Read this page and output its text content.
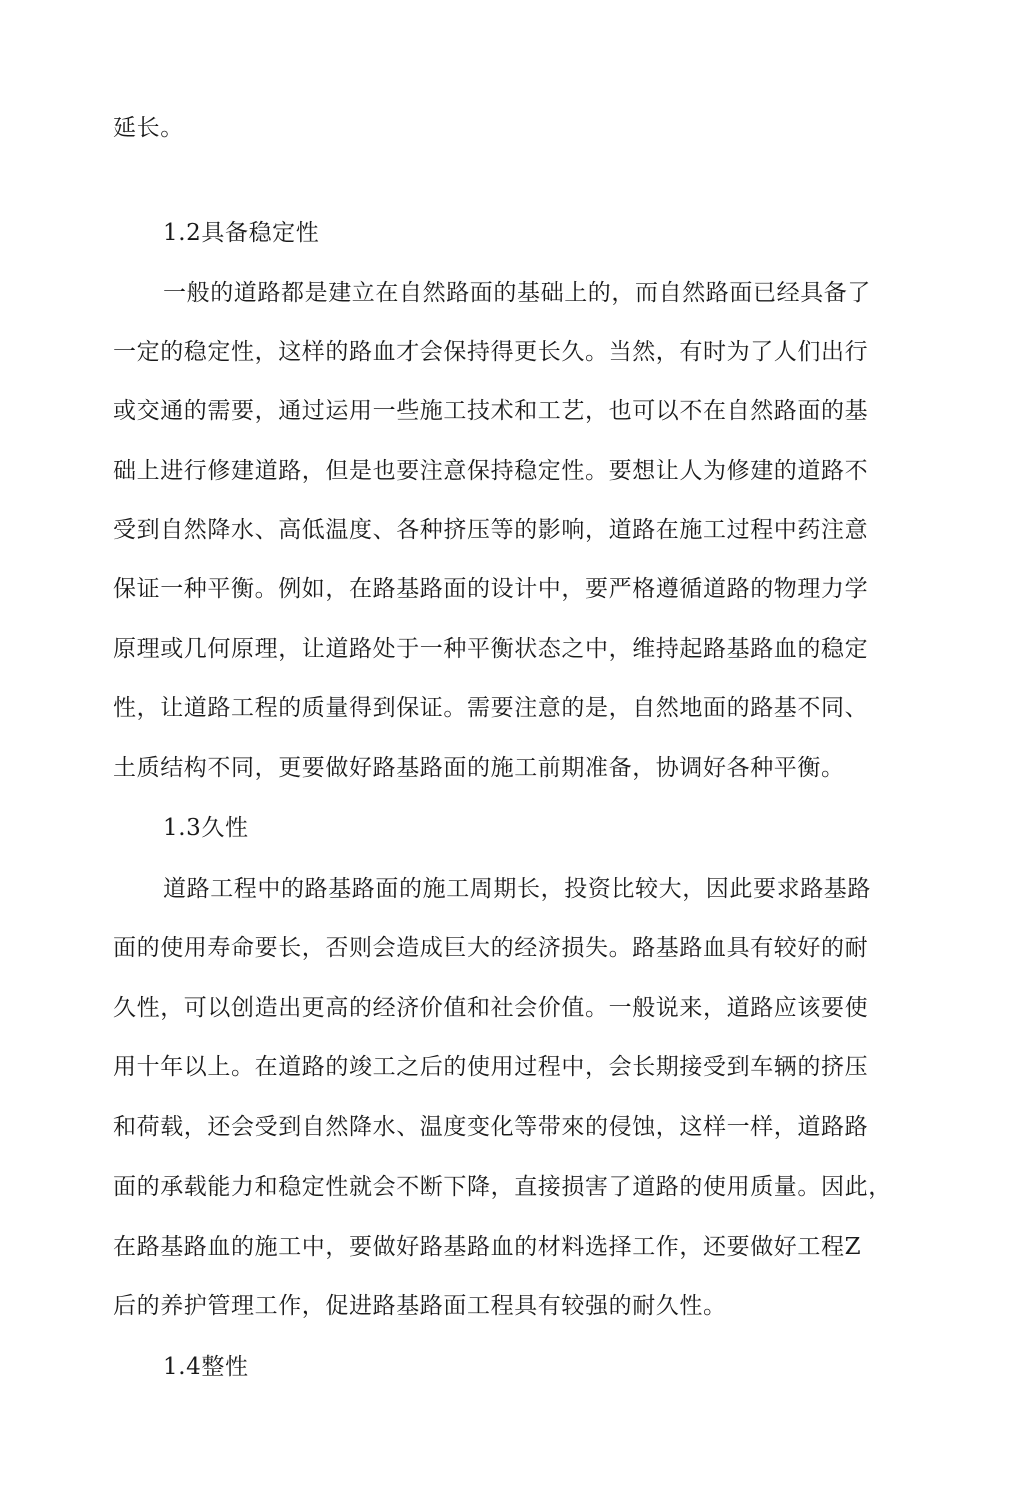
延长。
1.2具备稳定性
一般的道路都是建立在自然路面的基础上的，而自然路面已经具备了
一定的稳定性，这样的路血才会保持得更长久。当然，有时为了人们出行
或交通的需要，通过运用一些施工技术和工艺，也可以不在自然路面的基
础上进行修建道路，但是也要注意保持稳定性。要想让人为修建的道路不
受到自然降水、高低温度、各种挤压等的影响，道路在施工过程中药注意
保证一种平衡。例如，在路基路面的设计中，要严格遵循道路的物理力学
原理或几何原理，让道路处于一种平衡状态之中，维持起路基路血的稳定
性，让道路工程的质量得到保证。需要注意的是，自然地面的路基不同、
土质结构不同，更要做好路基路面的施工前期准备，协调好各种平衡。
1.3久性
道路工程中的路基路面的施工周期长，投资比较大，因此要求路基路
面的使用寿命要长，否则会造成巨大的经济损失。路基路血具有较好的耐
久性，可以创造出更高的经济价值和社会价值。一般说来，道路应该要使
用十年以上。在道路的竣工之后的使用过程中，会长期接受到车辆的挤压
和荷载，还会受到自然降水、温度变化等带來的侵蚀，这样一样，道路路
面的承载能力和稳定性就会不断下降，直接损害了道路的使用质量。因此，
在路基路血的施工中，要做好路基路血的材料选择工作，还要做好工程Z
后的养护管理工作，促进路基路面工程具有较强的耐久性。
1.4整性
